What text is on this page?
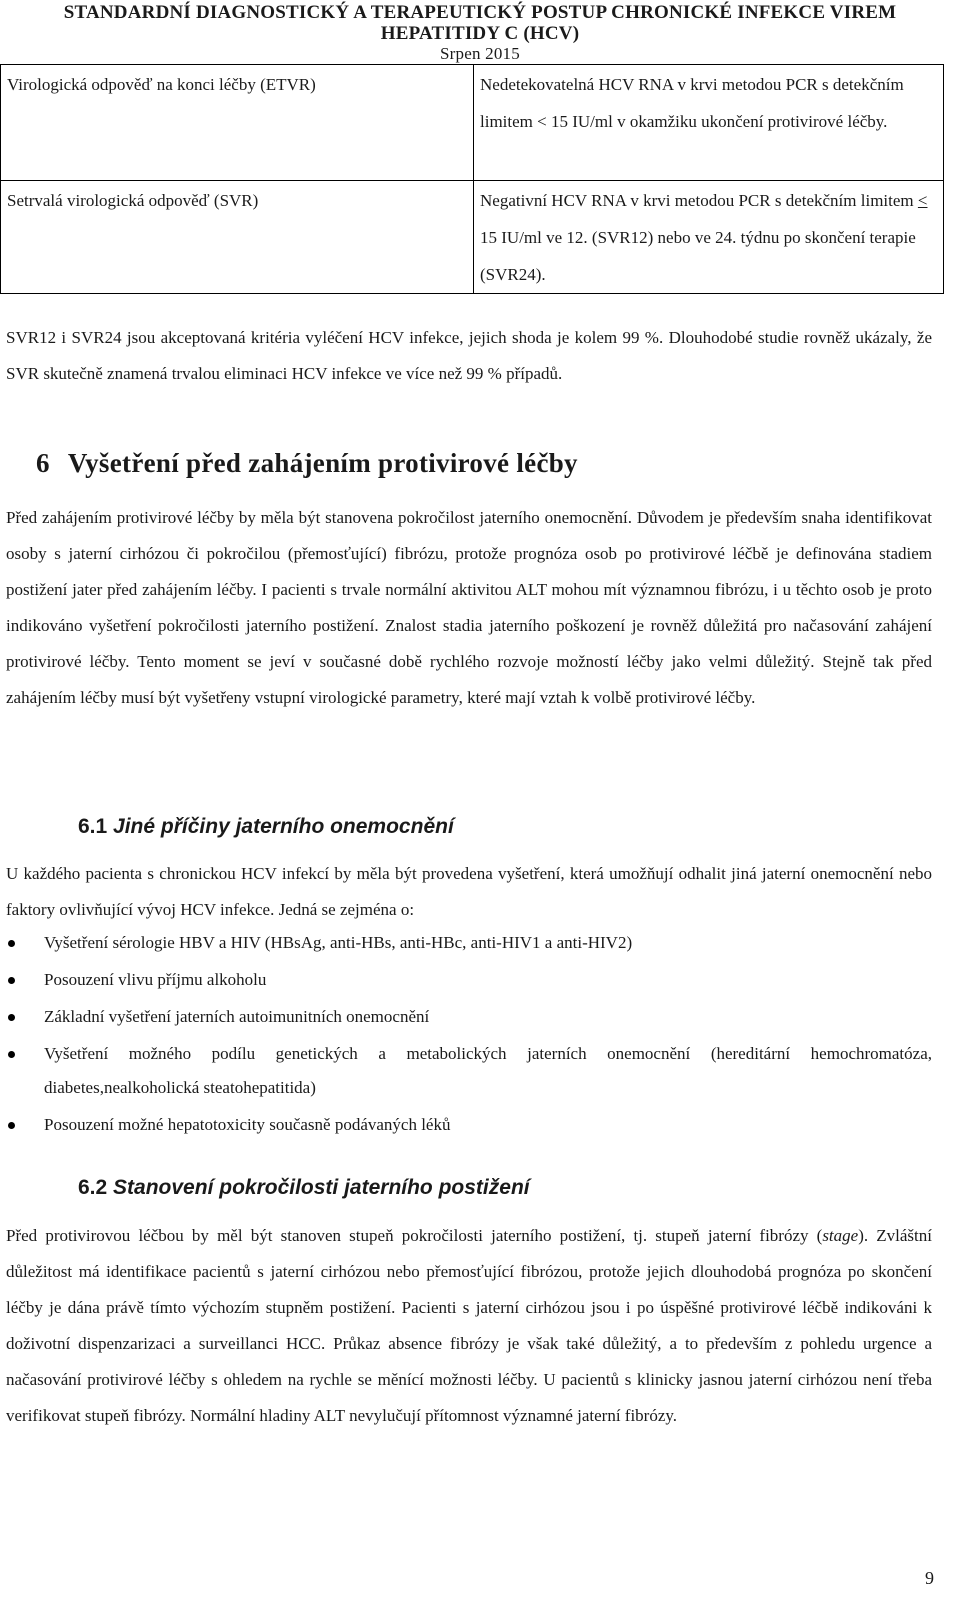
STANDARDNÍ DIAGNOSTICKÝ A TERAPEUTICKÝ POSTUP CHRONICKÉ INFEKCE VIREM
HEPATITIDY C (HCV)
Srpen 2015
Virologická odpověď na konci léčby (ETVR)	Nedetekovatelná HCV RNA v krvi metodou PCR s detekčním limitem < 15 IU/ml v okamžiku ukončení protivirové léčby.
Setrvalá virologická odpověď (SVR)	Negativní HCV RNA v krvi metodou PCR s detekčním limitem < 15 IU/ml ve 12. (SVR12) nebo ve 24. týdnu po skončení terapie (SVR24).

SVR12 i SVR24 jsou akceptovaná kritéria vyléčení HCV infekce, jejich shoda je kolem 99 %. Dlouhodobé studie rovněž ukázaly, že SVR skutečně znamená trvalou eliminaci HCV infekce ve více než 99 % případů.

6 Vyšetření před zahájením protivirové léčby

Před zahájením protivirové léčby by měla být stanovena pokročilost jaterního onemocnění. Důvodem je především snaha identifikovat osoby s jaterní cirhózou či pokročilou (přemosťující) fibrózu, protože prognóza osob po protivirové léčbě je definována stadiem postižení jater před zahájením léčby. I pacienti s trvale normální aktivitou ALT mohou mít významnou fibrózu, i u těchto osob je proto indikováno vyšetření pokročilosti jaterního postižení. Znalost stadia jaterního poškození je rovněž důležitá pro načasování zahájení protivirové léčby. Tento moment se jeví v současné době rychlého rozvoje možností léčby jako velmi důležitý. Stejně tak před zahájením léčby musí být vyšetřeny vstupní virologické parametry, které mají vztah k volbě protivirové léčby.

6.1 Jiné příčiny jaterního onemocnění

U každého pacienta s chronickou HCV infekcí by měla být provedena vyšetření, která umožňují odhalit jiná jaterní onemocnění nebo faktory ovlivňující vývoj HCV infekce. Jedná se zejména o:

Vyšetření sérologie HBV a HIV (HBsAg, anti-HBs, anti-HBc, anti-HIV1 a anti-HIV2)
Posouzení vlivu příjmu alkoholu
Základní vyšetření jaterních autoimunitních onemocnění
Vyšetření možného podílu genetických a metabolických jaterních onemocnění (hereditární hemochromatóza, diabetes,nealkoholická steatohepatitida)
Posouzení možné hepatotoxicity současně podávaných léků
6.2 Stanovení pokročilosti jaterního postižení

Před protivirovou léčbou by měl být stanoven stupeň pokročilosti jaterního postižení, tj. stupeň jaterní fibrózy (stage). Zvláštní důležitost má identifikace pacientů s jaterní cirhózou nebo přemosťující fibrózou, protože jejich dlouhodobá prognóza po skončení léčby je dána právě tímto výchozím stupněm postižení. Pacienti s jaterní cirhózou jsou i po úspěšné protivirové léčbě indikováni k doživotní dispenzarizaci a surveillanci HCC. Průkaz absence fibrózy je však také důležitý, a to především z pohledu urgence a načasování protivirové léčby s ohledem na rychle se měnící možnosti léčby. U pacientů s klinicky jasnou jaterní cirhózou není třeba verifikovat stupeň fibrózy. Normální hladiny ALT nevylučují přítomnost významné jaterní fibrózy.

9
